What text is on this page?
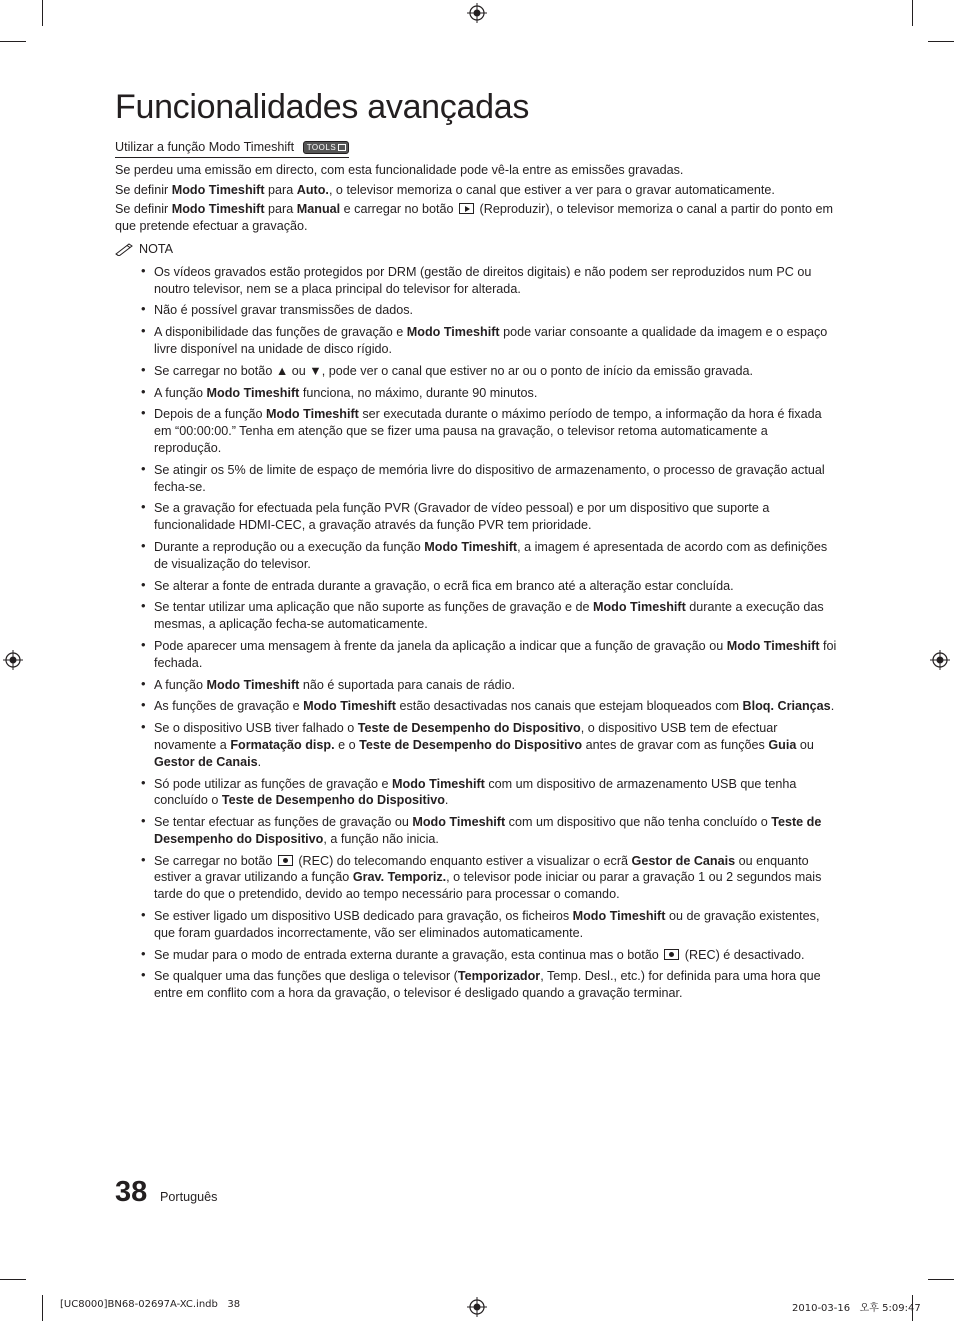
Funcionalidades avançadas
Utilizar a função Modo Timeshift TOOLS

Se perdeu uma emissão em directo, com esta funcionalidade pode vê-la entre as emissões gravadas.

Se definir Modo Timeshift para Auto., o televisor memoriza o canal que estiver a ver para o gravar automaticamente.

Se definir Modo Timeshift para Manual e carregar no botão  (Reproduzir), o televisor memoriza o canal a partir do ponto em que pretende efectuar a gravação.

NOTA
• Os vídeos gravados estão protegidos por DRM (gestão de direitos digitais) e não podem ser reproduzidos num PC ou noutro televisor, nem se a placa principal do televisor for alterada.
• Não é possível gravar transmissões de dados.
• A disponibilidade das funções de gravação e Modo Timeshift pode variar consoante a qualidade da imagem e o espaço livre disponível na unidade de disco rígido.
• Se carregar no botão ▲ ou ▼, pode ver o canal que estiver no ar ou o ponto de início da emissão gravada.
• A função Modo Timeshift funciona, no máximo, durante 90 minutos.
• Depois de a função Modo Timeshift ser executada durante o máximo período de tempo, a informação da hora é fixada em “00:00:00.” Tenha em atenção que se fizer uma pausa na gravação, o televisor retoma automaticamente a reprodução.
• Se atingir os 5% de limite de espaço de memória livre do dispositivo de armazenamento, o processo de gravação actual fecha-se.
• Se a gravação for efectuada pela função PVR (Gravador de vídeo pessoal) e por um dispositivo que suporte a funcionalidade HDMI-CEC, a gravação através da função PVR tem prioridade.
• Durante a reprodução ou a execução da função Modo Timeshift, a imagem é apresentada de acordo com as definições de visualização do televisor.
• Se alterar a fonte de entrada durante a gravação, o ecrã fica em branco até a alteração estar concluída.
• Se tentar utilizar uma aplicação que não suporte as funções de gravação e de Modo Timeshift durante a execução das mesmas, a aplicação fecha-se automaticamente.
• Pode aparecer uma mensagem à frente da janela da aplicação a indicar que a função de gravação ou Modo Timeshift foi fechada.
• A função Modo Timeshift não é suportada para canais de rádio.
• As funções de gravação e Modo Timeshift estão desactivadas nos canais que estejam bloqueados com Bloq. Crianças.
• Se o dispositivo USB tiver falhado o Teste de Desempenho do Dispositivo, o dispositivo USB tem de efectuar novamente a Formatação disp. e o Teste de Desempenho do Dispositivo antes de gravar com as funções Guia ou Gestor de Canais.
• Só pode utilizar as funções de gravação e Modo Timeshift com um dispositivo de armazenamento USB que tenha concluído o Teste de Desempenho do Dispositivo.
• Se tentar efectuar as funções de gravação ou Modo Timeshift com um dispositivo que não tenha concluído o Teste de Desempenho do Dispositivo, a função não inicia.
• Se carregar no botão  (REC) do telecomando enquanto estiver a visualizar o ecrã Gestor de Canais ou enquanto estiver a gravar utilizando a função Grav. Temporiz., o televisor pode iniciar ou parar a gravação 1 ou 2 segundos mais tarde do que o pretendido, devido ao tempo necessário para processar o comando.
• Se estiver ligado um dispositivo USB dedicado para gravação, os ficheiros Modo Timeshift ou de gravação existentes, que foram guardados incorrectamente, vão ser eliminados automaticamente.
• Se mudar para o modo de entrada externa durante a gravação, esta continua mas o botão  (REC) é desactivado.
• Se qualquer uma das funções que desliga o televisor (Temporizador, Temp. Desl., etc.) for definida para uma hora que entre em conflito com a hora da gravação, o televisor é desligado quando a gravação terminar.
38 Português
[UC8000]BN68-02697A-XC.indb   38	2010-03-16   오후 5:09:47
